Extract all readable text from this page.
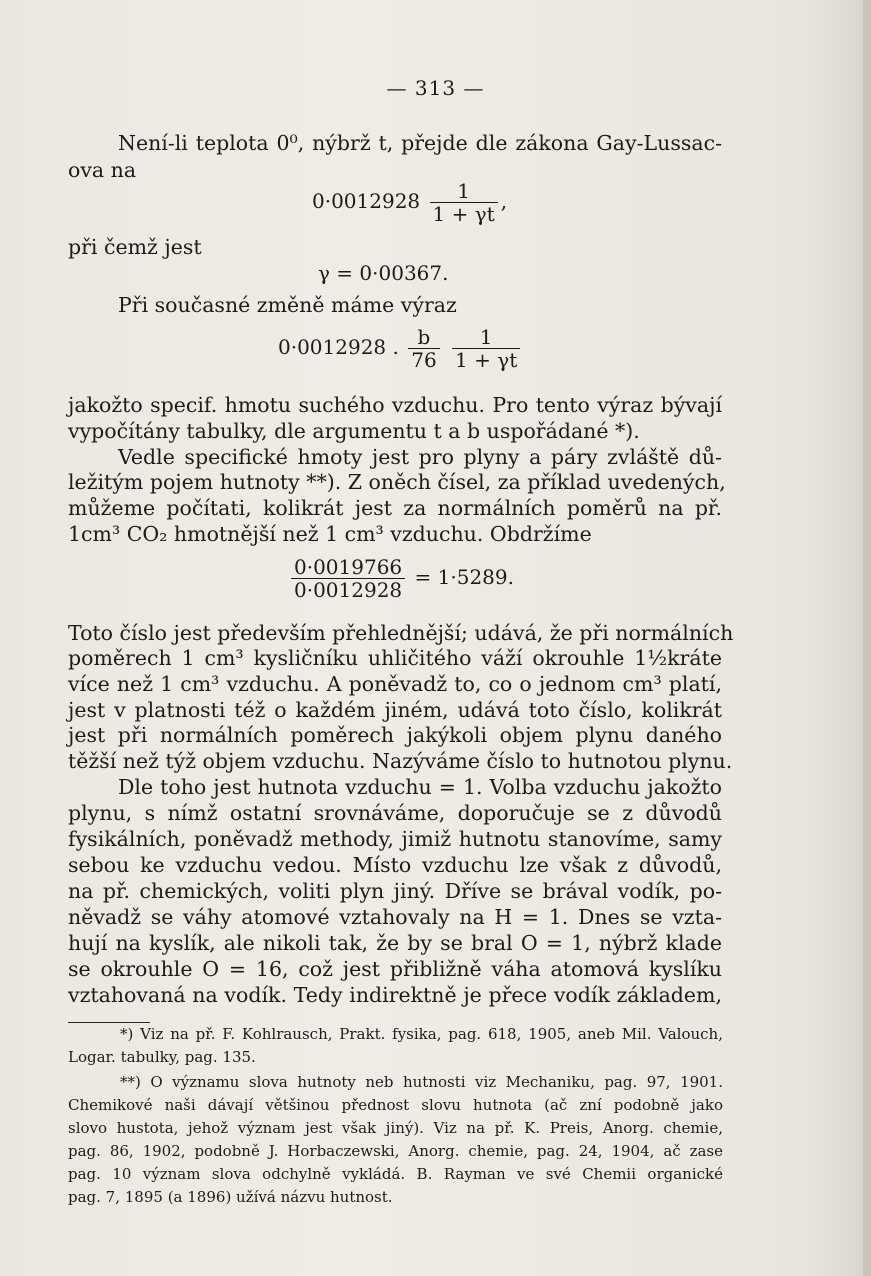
— 313 —
Není-li teplota 0⁰, nýbrž t, přejde dle zákona Gay-Lussac-
ova na
$0\cdot 0012928 \frac{1}{1 + \gamma t}$ ,
při čemž jest
γ = 0·00367.
Při současné změně máme výraz
0·0012928 . $\frac{b}{76}$
$\frac{1}{1 + \gamma t}$
jakožto specif. hmotu suchého vzduchu. Pro tento výraz bývají
vypočítány tabulky, dle argumentu t a b uspořádané *).
Vedle specifické hmoty jest pro plyny a páry zvláště dů-
ležitým pojem hutnoty **). Z oněch čísel, za příklad uvedených,
můžeme počítati, kolikrát jest za normálních poměrů na př.
1cm³ CO₂ hmotnější než 1 cm³ vzduchu. Obdržíme
$\frac{0\cdot 0019766}{0\cdot 0012928} = 1\cdot 5289$.
Toto číslo jest především přehlednější; udává, že při normálních
poměrech 1 cm³ kysličníku uhličitého váží okrouhle 1½kráte
více než 1 cm³ vzduchu. A poněvadž to, co o jednom cm³ platí,
jest v platnosti též o každém jiném, udává toto číslo, kolikrát
jest při normálních poměrech jakýkoli objem plynu daného
těžší než týž objem vzduchu. Nazýváme číslo to hutnotou plynu.
Dle toho jest hutnota vzduchu = 1. Volba vzduchu jakožto
plynu, s nímž ostatní srovnáváme, doporučuje se z důvodů
fysikálních, poněvadž methody, jimiž hutnotu stanovíme, samy
sebou ke vzduchu vedou. Místo vzduchu lze však z důvodů,
na př. chemických, voliti plyn jiný. Dříve se brával vodík, po-
něvadž se váhy atomové vztahovaly na H = 1. Dnes se vzta-
hují na kyslík, ale nikoli tak, že by se bral O = 1, nýbrž klade
se okrouhle O = 16, což jest přibližně váha atomová kyslíku
vztahovaná na vodík. Tedy indirektně je přece vodík základem,
*) Viz na př. F. Kohlrausch, Prakt. fysika, pag. 618, 1905, aneb Mil. Valouch,
Logar. tabulky, pag. 135.
**) O významu slova hutnoty neb hutnosti viz Mechaniku, pag. 97, 1901.
Chemikové naši dávají většinou přednost slovu hutnota (ač zní podobně jako
slovo hustota, jehož význam jest však jiný). Viz na př. K. Preis, Anorg. chemie,
pag. 86, 1902, podobně J. Horbaczewski, Anorg. chemie, pag. 24, 1904, ač zase
pag. 10 význam slova odchylně vykládá. B. Rayman ve své Chemii organické
pag. 7, 1895 (a 1896) užívá názvu hutnost.
